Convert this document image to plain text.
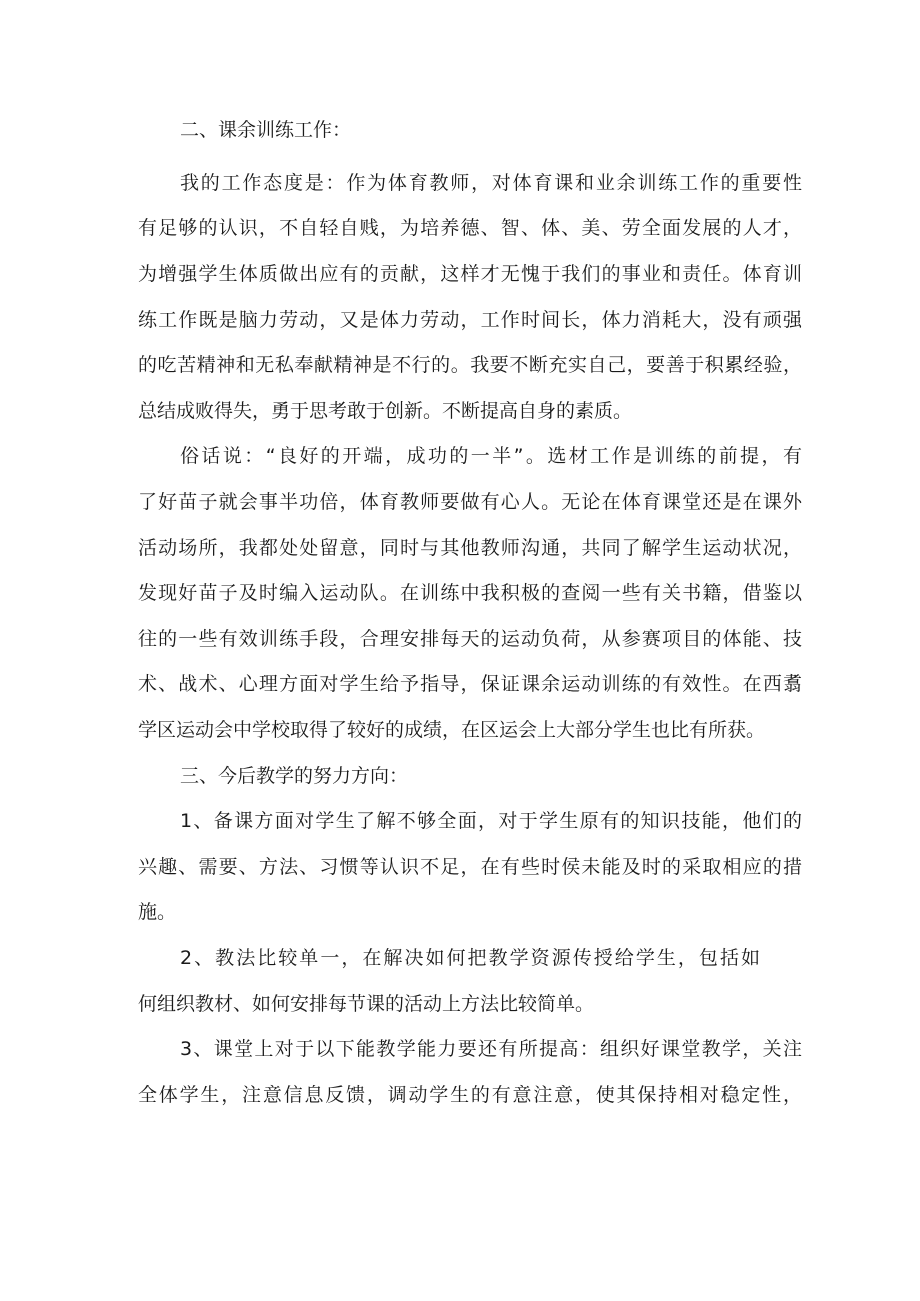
二、课余训练工作：
我的工作态度是：作为体育教师，对体育课和业余训练工作的重要性
有足够的认识，不自轻自贱，为培养德、智、体、美、劳全面发展的人才，
为增强学生体质做出应有的贡献，这样才无愧于我们的事业和责任。体育训
练工作既是脑力劳动，又是体力劳动，工作时间长，体力消耗大，没有顽强
的吃苦精神和无私奉献精神是不行的。我要不断充实自己，要善于积累经验，
总结成败得失，勇于思考敢于创新。不断提高自身的素质。
俗话说：“良好的开端，成功的一半”。选材工作是训练的前提，有
了好苗子就会事半功倍，体育教师要做有心人。无论在体育课堂还是在课外
活动场所，我都处处留意，同时与其他教师沟通，共同了解学生运动状况，
发现好苗子及时编入运动队。在训练中我积极的查阅一些有关书籍，借鉴以
往的一些有效训练手段，合理安排每天的运动负荷，从参赛项目的体能、技
术、战术、心理方面对学生给予指导，保证课余运动训练的有效性。在西翥
学区运动会中学校取得了较好的成绩，在区运会上大部分学生也比有所获。
三、今后教学的努力方向：
1、备课方面对学生了解不够全面，对于学生原有的知识技能，他们的
兴趣、需要、方法、习惯等认识不足，在有些时侯未能及时的采取相应的措
施。
2、教法比较单一，在解决如何把教学资源传授给学生，包括如
何组织教材、如何安排每节课的活动上方法比较简单。
3、课堂上对于以下能教学能力要还有所提高：组织好课堂教学，关注
全体学生，注意信息反馈，调动学生的有意注意，使其保持相对稳定性，
